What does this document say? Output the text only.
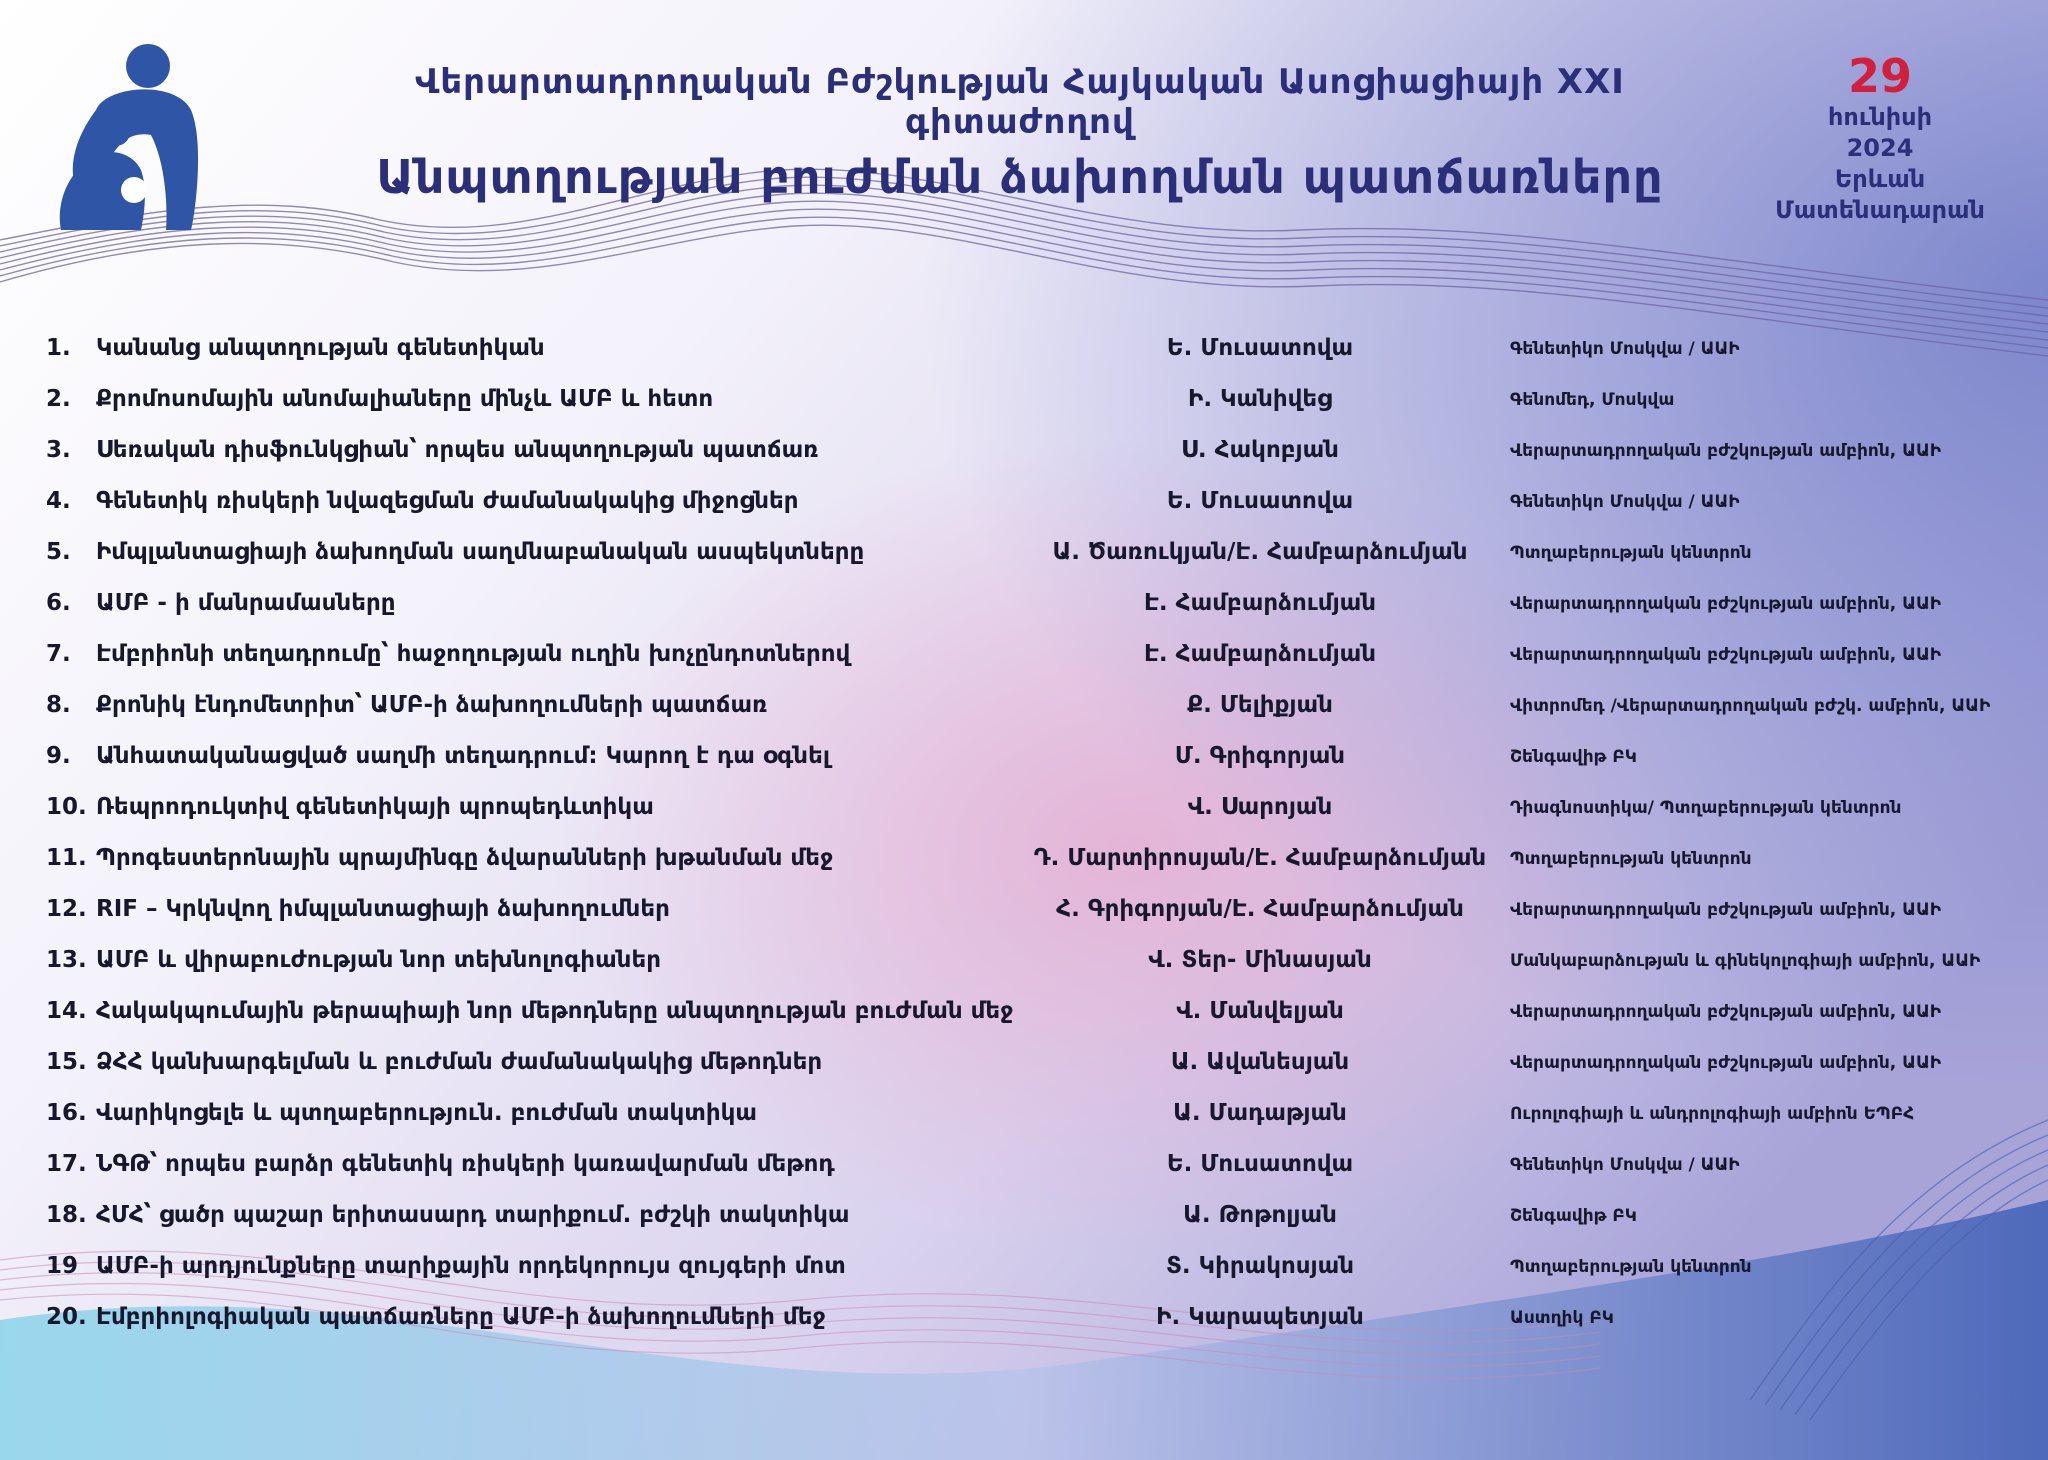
Վերարտադրողական Բժշկության Հայկական Ասոցիացիայի XXI գիտաժողով
Անպտղության բուժման ձախողման պատճառները
29
հունիսի
2024
Երևան
Մատենադարան
1.	Կանանց անպտղության գենետիկան	Ե. Մուսատովա	Գենետիկո Մոսկվա / ԱԱԻ
2.	Քրոմոսոմային անոմալիաները մինչև ԱՄԲ և հետո	Ի. Կանիվեց	Գենոմեդ, Մոսկվա
3.	Սեռական դիսֆունկցիան՝ որպես անպտղության պատճառ	Ս. Հակոբյան	Վերարտադրողական բժշկության ամբիոն, ԱԱԻ
4.	Գենետիկ ռիսկերի նվազեցման ժամանակակից միջոցներ	Ե. Մուսատովա	Գենետիկո Մոսկվա / ԱԱԻ
5.	Իմպլանտացիայի ձախողման սաղմնաբանական ասպեկտները	Ա. Ծառուկյան/Է. Համբարձումյան	Պտղաբերության կենտրոն
6.	ԱՄԲ - ի մանրամասները	Է. Համբարձումյան	Վերարտադրողական բժշկության ամբիոն, ԱԱԻ
7.	Էմբրիոնի տեղադրումը՝ հաջողության ուղին խոչընդոտներով	Է. Համբարձումյան	Վերարտադրողական բժշկության ամբիոն, ԱԱԻ
8.	Քրոնիկ էնդոմետրիտ՝ ԱՄԲ-ի ձախողումների պատճառ	Ք. Մելիքյան	Վիտրոմեդ /Վերարտադրողական բժշկ. ամբիոն, ԱԱԻ
9.	Անհատականացված սաղմի տեղադրում: Կարող է դա օգնել	Մ. Գրիգորյան	Շենգավիթ ԲԿ
10. Ռեպրոդուկտիվ գենետիկայի պրոպեդևտիկա	Վ. Սարոյան	Դիագնոստիկա/ Պտղաբերության կենտրոն
11. Պրոգեստերոնային պրայմինգը ձվարանների խթանման մեջ	Դ. Մարտիրոսյան/Է. Համբարձումյան	Պտղաբերության կենտրոն
12. RIF – Կրկնվող իմպլանտացիայի ձախողումներ	Հ. Գրիգորյան/Է. Համբարձումյան	Վերարտադրողական բժշկության ամբիոն, ԱԱԻ
13. ԱՄԲ և վիրաբուժության նոր տեխնոլոգիաներ	Վ. Տեր- Մինասյան	Մանկաբարձության և գինեկոլոգիայի ամբիոն, ԱԱԻ
14. Հակակպումային թերապիայի նոր մեթոդները անպտղության բուժման մեջ	Վ. Մանվելյան	Վերարտադրողական բժշկության ամբիոն, ԱԱԻ
15. ՁՀՀ կանխարգելման և բուժման ժամանակակից մեթոդներ	Ա. Ավանեսյան	Վերարտադրողական բժշկության ամբիոն, ԱԱԻ
16. Վարիկոցելե և պտղաբերություն. բուժման տակտիկա	Ա. Մադաթյան	Ուրոլոգիայի և անդրոլոգիայի ամբիոն ԵՊԲՀ
17. ՆԳԹ՝ որպես բարձր գենետիկ ռիսկերի կառավարման մեթոդ	Ե. Մուսատովա	Գենետիկո Մոսկվա / ԱԱԻ
18. ՀՄՀ՝ ցածր պաշար երիտասարդ տարիքում. բժշկի տակտիկա	Ա. Թոթոլյան	Շենգավիթ ԲԿ
19 ԱՄԲ-ի արդյունքները տարիքային որդեկորույս զույգերի մոտ	Տ. Կիրակոսյան	Պտղաբերության կենտրոն
20. Էմբրիոլոգիական պատճառները ԱՄԲ-ի ձախողումների մեջ	Ի. Կարապետյան	Աստղիկ ԲԿ
